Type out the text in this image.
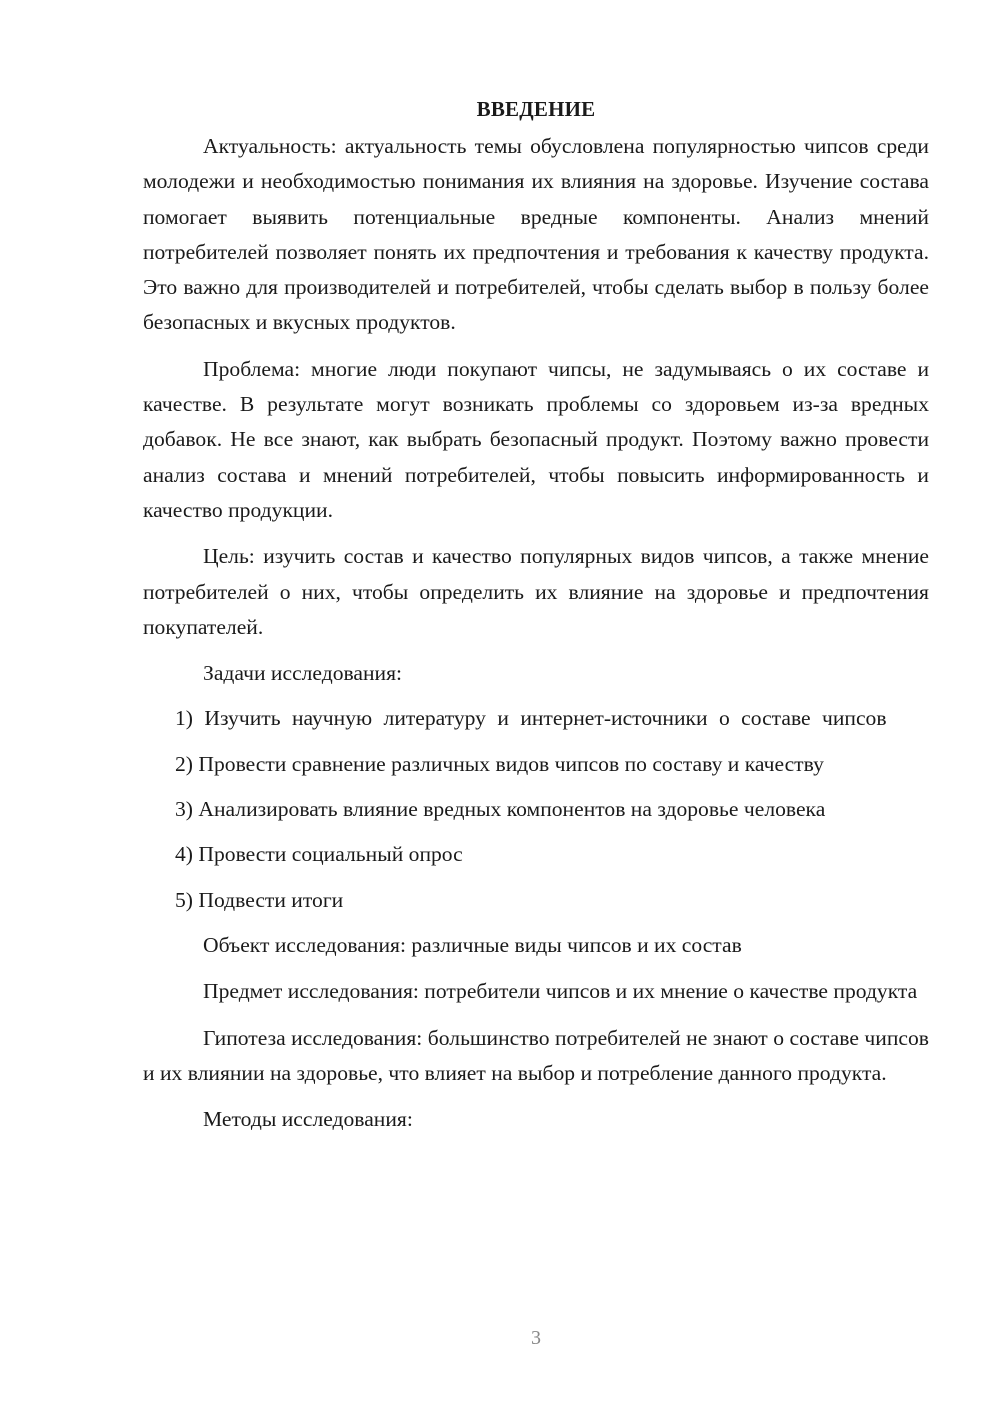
ВВЕДЕНИЕ

Актуальность: актуальность темы обусловлена популярностью чипсов среди молодежи и необходимостью понимания их влияния на здоровье. Изучение состава помогает выявить потенциальные вредные компоненты. Анализ мнений потребителей позволяет понять их предпочтения и требования к качеству продукта. Это важно для производителей и потребителей, чтобы сделать выбор в пользу более безопасных и вкусных продуктов.

Проблема: многие люди покупают чипсы, не задумываясь о их составе и качестве. В результате могут возникать проблемы со здоровьем из-за вредных добавок. Не все знают, как выбрать безопасный продукт. Поэтому важно провести анализ состава и мнений потребителей, чтобы повысить информированность и качество продукции.

Цель: изучить состав и качество популярных видов чипсов, а также мнение потребителей о них, чтобы определить их влияние на здоровье и предпочтения покупателей.

Задачи исследования:

1) Изучить научную литературу и интернет-источники о составе чипсов

2) Провести сравнение различных видов чипсов по составу и качеству

3) Анализировать влияние вредных компонентов на здоровье человека

4) Провести социальный опрос

5) Подвести итоги

Объект исследования: различные виды чипсов и их состав

Предмет исследования: потребители чипсов и их мнение о качестве продукта

Гипотеза исследования: большинство потребителей не знают о составе чипсов и их влиянии на здоровье, что влияет на выбор и потребление данного продукта.

Методы исследования:

3
